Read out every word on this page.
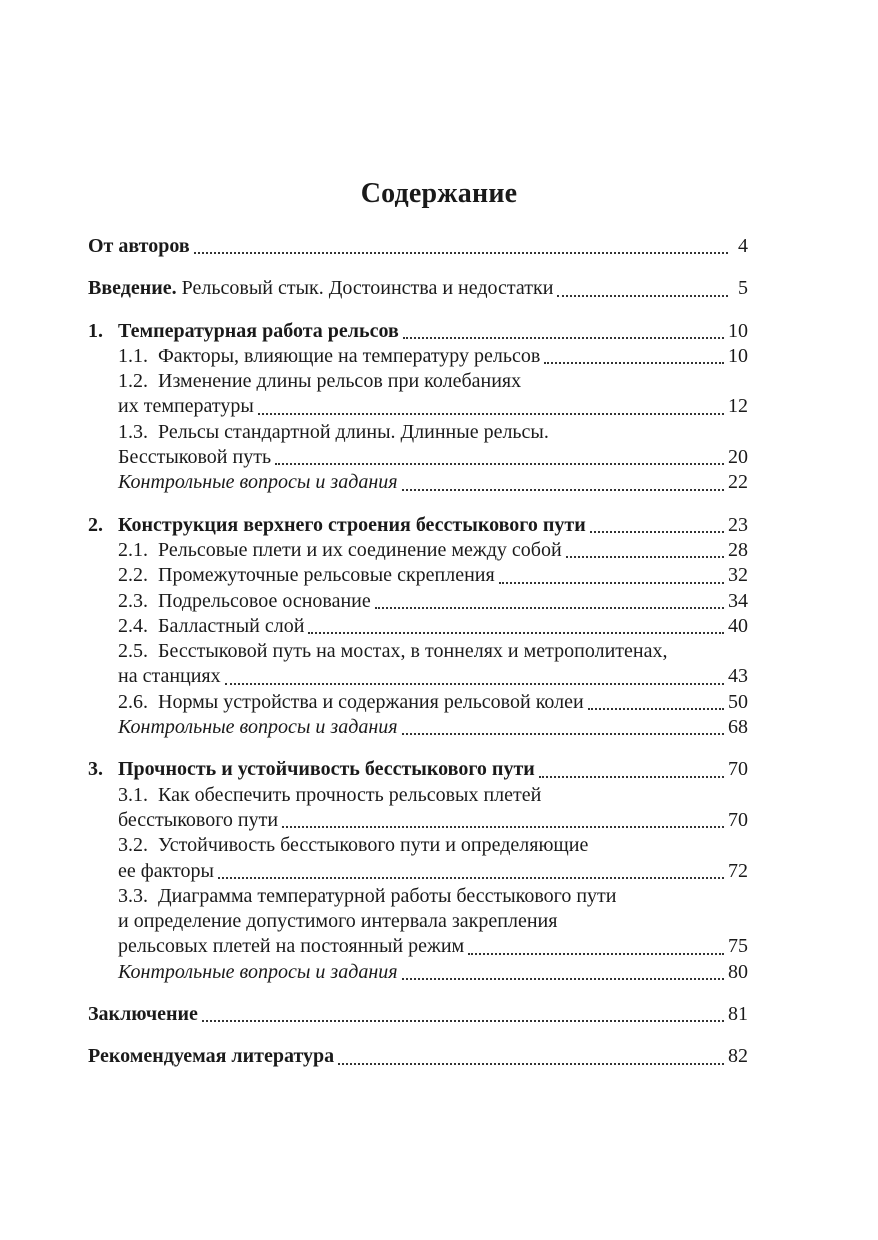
Содержание
От авторов	4
Введение. Рельсовый стык. Достоинства и недостатки	5
1. Температурная работа рельсов	10
1.1. Факторы, влияющие на температуру рельсов	10
1.2. Изменение длины рельсов при колебаниях
их температуры	12
1.3. Рельсы стандартной длины. Длинные рельсы.
Бесстыковой путь	20
Контрольные вопросы и задания	22
2. Конструкция верхнего строения бесстыкового пути	23
2.1. Рельсовые плети и их соединение между собой	28
2.2. Промежуточные рельсовые скрепления	32
2.3. Подрельсовое основание	34
2.4. Балластный слой	40
2.5. Бесстыковой путь на мостах, в тоннелях и метрополитенах,
на станциях	43
2.6. Нормы устройства и содержания рельсовой колеи	50
Контрольные вопросы и задания	68
3. Прочность и устойчивость бесстыкового пути	70
3.1. Как обеспечить прочность рельсовых плетей
бесстыкового пути	70
3.2. Устойчивость бесстыкового пути и определяющие
ее факторы	72
3.3. Диаграмма температурной работы бесстыкового пути
и определение допустимого интервала закрепления
рельсовых плетей на постоянный режим	75
Контрольные вопросы и задания	80
Заключение	81
Рекомендуемая литература	82
